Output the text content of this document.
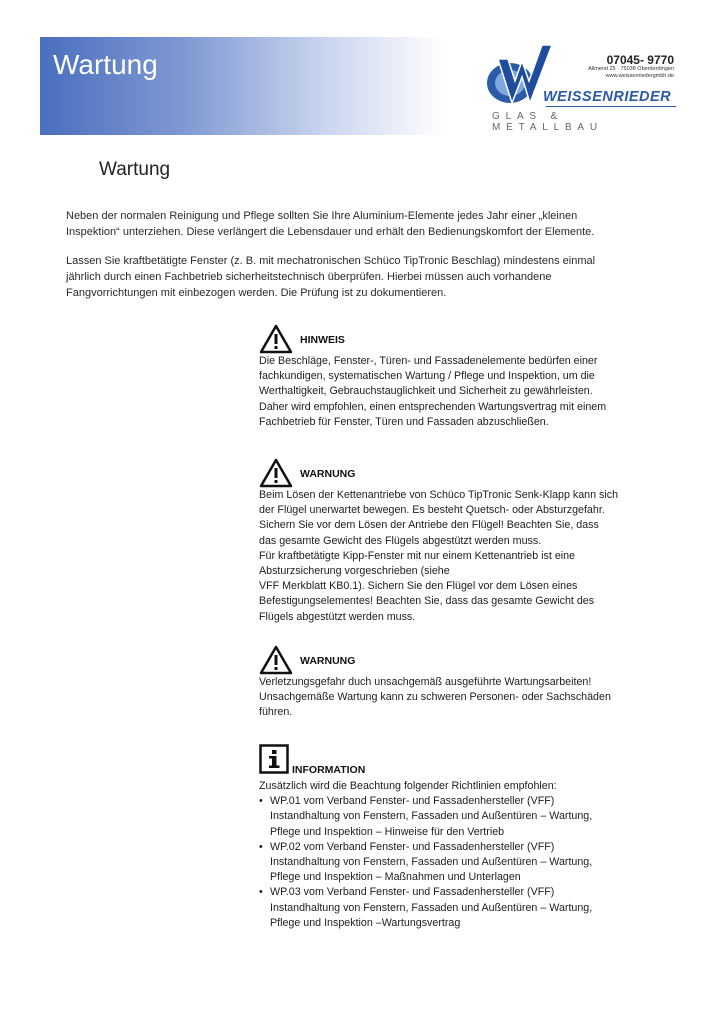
Wartung	07045- 9770
Allmend 25 · 75038 Oberderdingen
www.weissenriedergmbh.de
WEISSENRIEDER
GLAS & METALLBAU
Wartung

Neben der normalen Reinigung und Pflege sollten Sie Ihre Aluminium-Elemente jedes Jahr einer „kleinen Inspektion“ unterziehen. Diese verlängert die Lebensdauer und erhält den Bedienungskomfort der Elemente.

Lassen Sie kraftbetätigte Fenster (z. B. mit mechatronischen Schüco TipTronic Beschlag) mindestens einmal jährlich durch einen Fachbetrieb sicherheitstechnisch überprüfen. Hierbei müssen auch vorhandene Fangvorrichtungen mit einbezogen werden. Die Prüfung ist zu dokumentieren.

HINWEIS

Die Beschläge, Fenster-, Türen- und Fassadenelemente bedürfen einer fachkundigen, systematischen Wartung / Pflege und Inspektion, um die Werthaltigkeit, Gebrauchstauglichkeit und Sicherheit zu gewährleisten. Daher wird empfohlen, einen entsprechenden Wartungsvertrag mit einem Fachbetrieb für Fenster, Türen und Fassaden abzuschließen.

WARNUNG

Beim Lösen der Kettenantriebe von Schüco TipTronic Senk-Klapp kann sich der Flügel unerwartet bewegen. Es besteht Quetsch- oder Absturzgefahr. Sichern Sie vor dem Lösen der Antriebe den Flügel! Beachten Sie, dass das gesamte Gewicht des Flügels abgestützt werden muss.

Für kraftbetätigte Kipp-Fenster mit nur einem Kettenantrieb ist eine Absturzsicherung vorgeschrieben (siehe

VFF Merkblatt KB0.1). Sichern Sie den Flügel vor dem Lösen eines Befestigungselementes! Beachten Sie, dass das gesamte Gewicht des Flügels abgestützt werden muss.

WARNUNG

Verletzungsgefahr duch unsachgemäß ausgeführte Wartungsarbeiten!

Unsachgemäße Wartung kann zu schweren Personen- oder Sachschäden führen.

INFORMATION

Zusätzlich wird die Beachtung folgender Richtlinien empfohlen:

• WP.01 vom Verband Fenster- und Fassadenhersteller (VFF)
Instandhaltung von Fenstern, Fassaden und Außentüren – Wartung,
Pflege und Inspektion – Hinweise für den Vertrieb
• WP.02 vom Verband Fenster- und Fassadenhersteller (VFF)
Instandhaltung von Fenstern, Fassaden und Außentüren – Wartung,
Pflege und Inspektion – Maßnahmen und Unterlagen
• WP.03 vom Verband Fenster- und Fassadenhersteller (VFF)
Instandhaltung von Fenstern, Fassaden und Außentüren – Wartung,
Pflege und Inspektion –Wartungsvertrag
